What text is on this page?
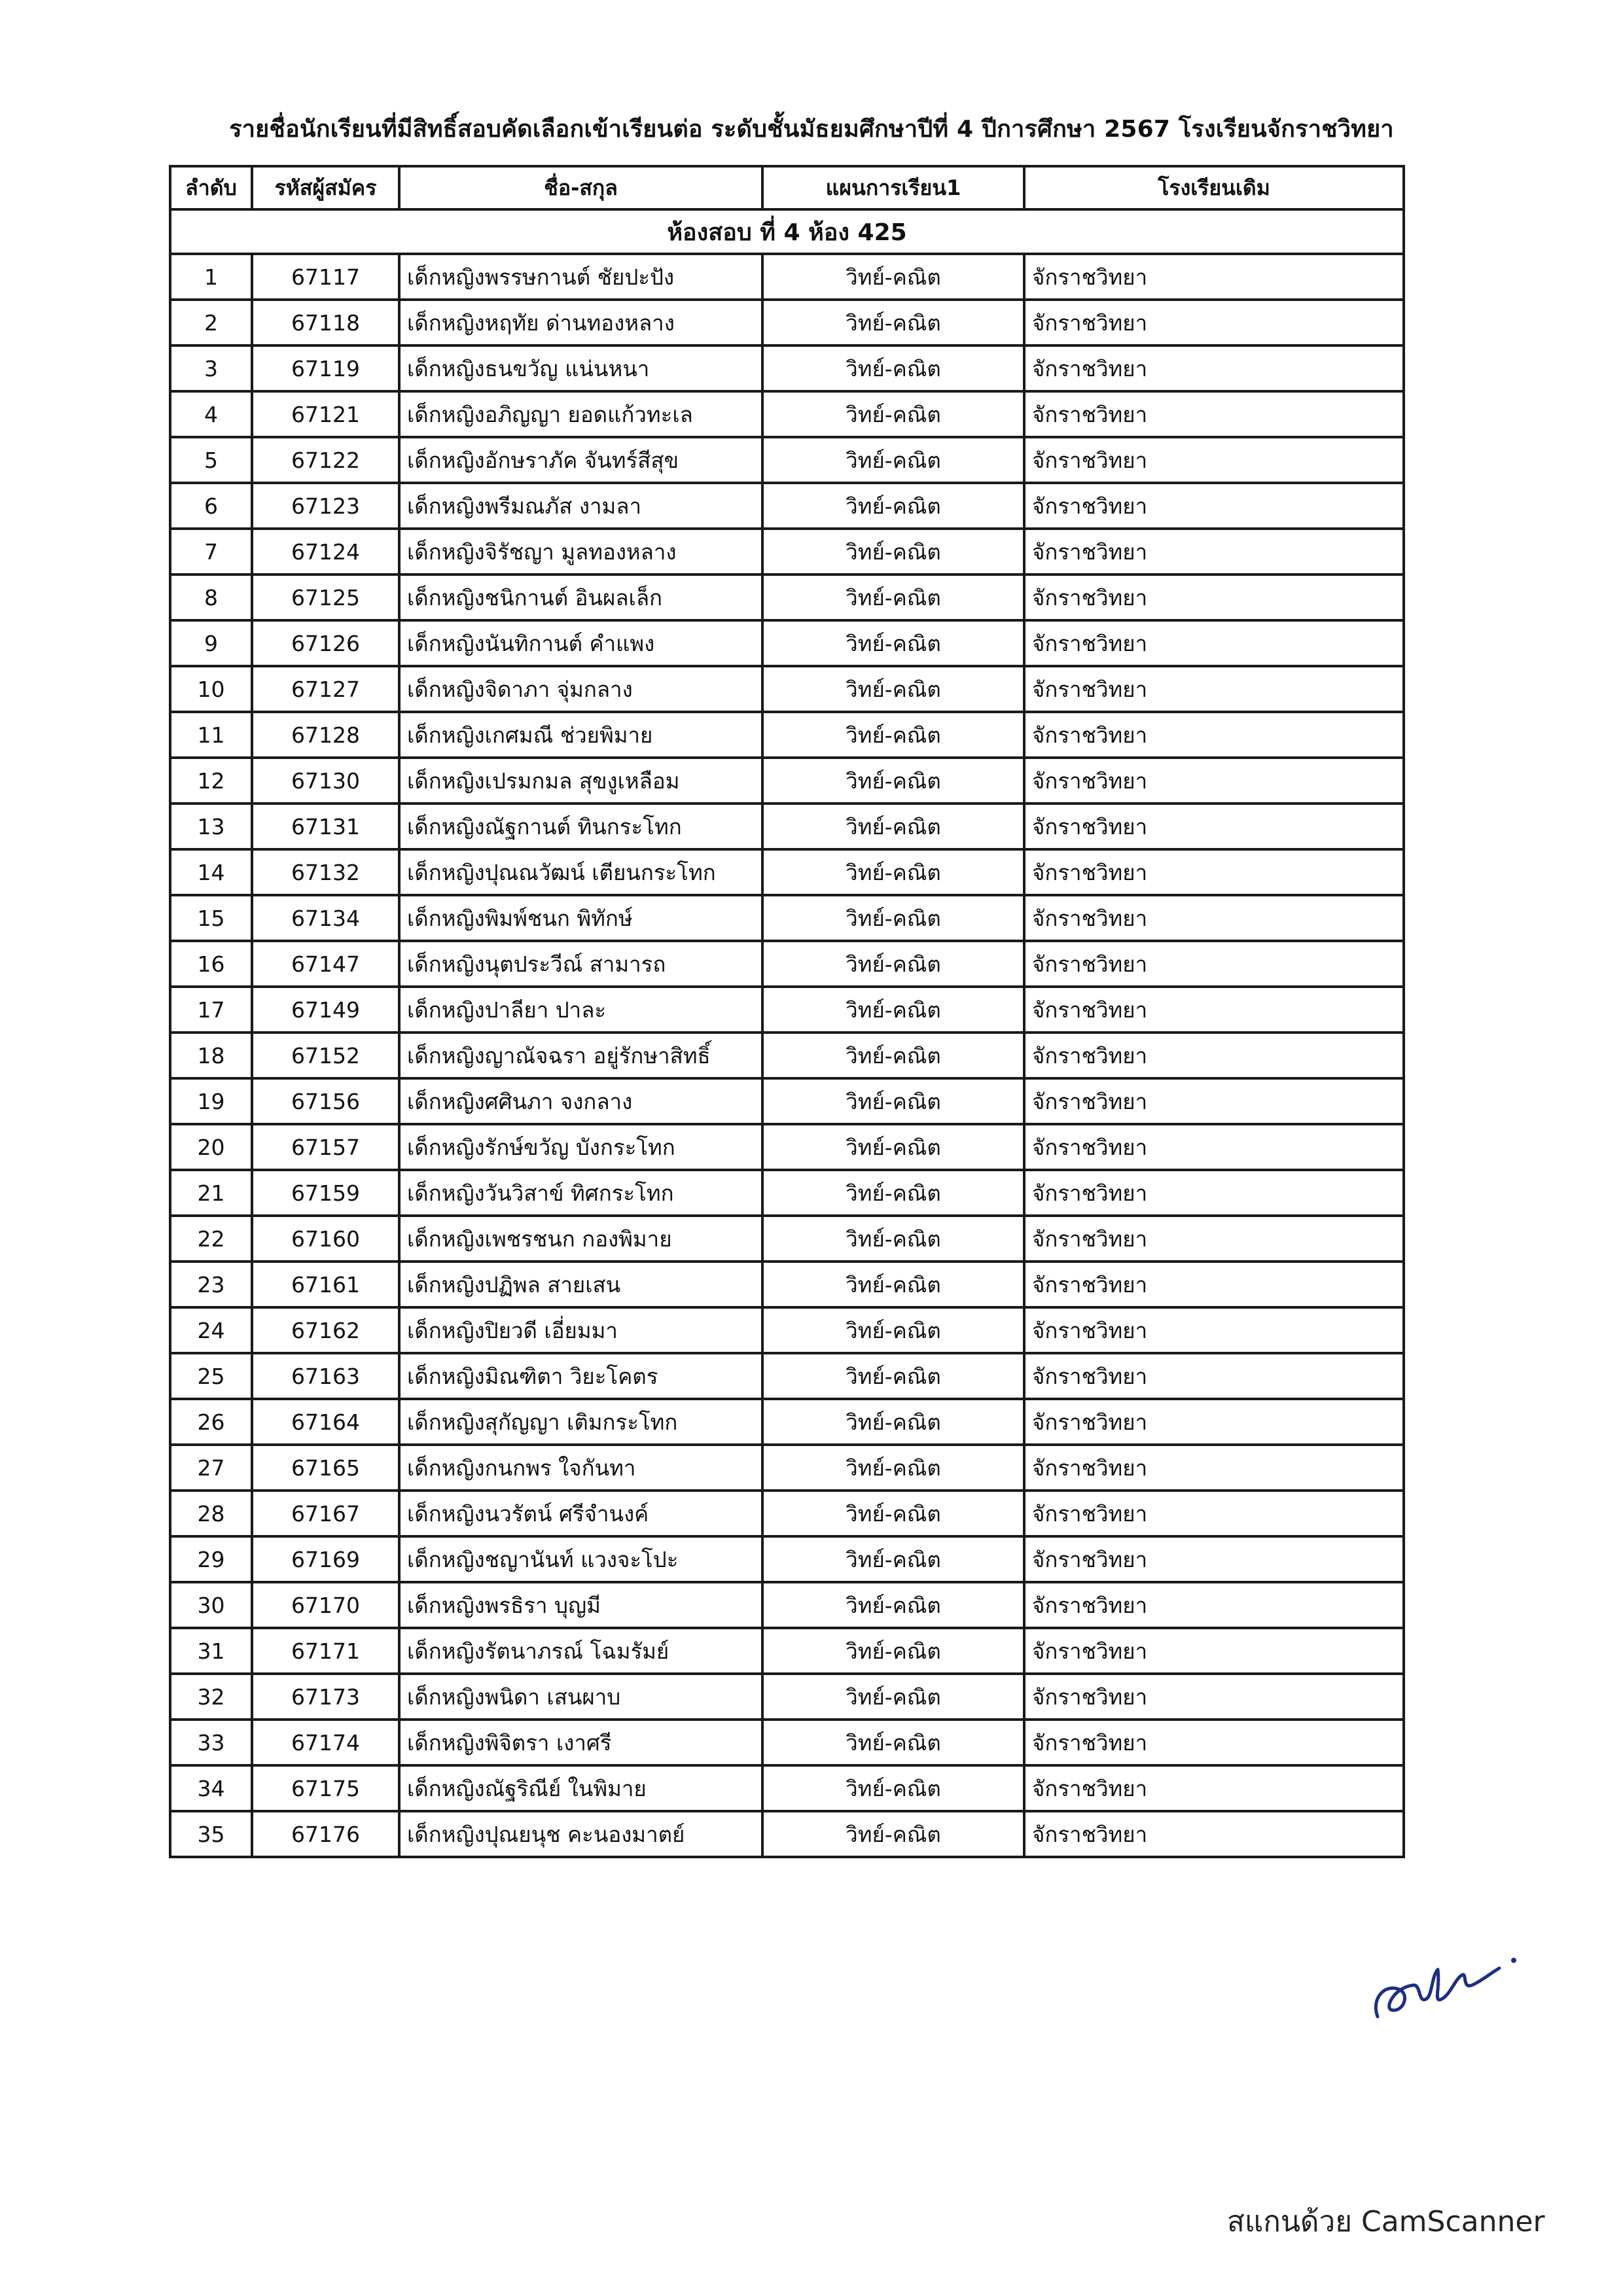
รายชื่อนักเรียนที่มีสิทธิ์สอบคัดเลือกเข้าเรียนต่อ ระดับชั้นมัธยมศึกษาปีที่ 4 ปีการศึกษา 2567 โรงเรียนจักราชวิทยา
ลำดับ	รหัสผู้สมัคร	ชื่อ-สกุล	แผนการเรียน1	โรงเรียนเดิม
ห้องสอบ ที่ 4 ห้อง 425				
1	67117	เด็กหญิงพรรษกานต์ ชัยปะปัง	วิทย์-คณิต	จักราชวิทยา
2	67118	เด็กหญิงหฤทัย ด่านทองหลาง	วิทย์-คณิต	จักราชวิทยา
3	67119	เด็กหญิงธนขวัญ แน่นหนา	วิทย์-คณิต	จักราชวิทยา
4	67121	เด็กหญิงอภิญญา ยอดแก้วทะเล	วิทย์-คณิต	จักราชวิทยา
5	67122	เด็กหญิงอักษราภัค จันทร์สีสุข	วิทย์-คณิต	จักราชวิทยา
6	67123	เด็กหญิงพรีมณภัส งามลา	วิทย์-คณิต	จักราชวิทยา
7	67124	เด็กหญิงจิรัชญา มูลทองหลาง	วิทย์-คณิต	จักราชวิทยา
8	67125	เด็กหญิงชนิกานต์ อินผลเล็ก	วิทย์-คณิต	จักราชวิทยา
9	67126	เด็กหญิงนันทิกานต์ คำแพง	วิทย์-คณิต	จักราชวิทยา
10	67127	เด็กหญิงจิดาภา จุ่มกลาง	วิทย์-คณิต	จักราชวิทยา
11	67128	เด็กหญิงเกศมณี ช่วยพิมาย	วิทย์-คณิต	จักราชวิทยา
12	67130	เด็กหญิงเปรมกมล สุขงูเหลือม	วิทย์-คณิต	จักราชวิทยา
13	67131	เด็กหญิงณัฐกานต์ ทินกระโทก	วิทย์-คณิต	จักราชวิทยา
14	67132	เด็กหญิงปุณณวัฒน์ เตียนกระโทก	วิทย์-คณิต	จักราชวิทยา
15	67134	เด็กหญิงพิมพ์ชนก พิทักษ์	วิทย์-คณิต	จักราชวิทยา
16	67147	เด็กหญิงนุตประวีณ์ สามารถ	วิทย์-คณิต	จักราชวิทยา
17	67149	เด็กหญิงปาลียา ปาละ	วิทย์-คณิต	จักราชวิทยา
18	67152	เด็กหญิงญาณัจฉรา อยู่รักษาสิทธิ์	วิทย์-คณิต	จักราชวิทยา
19	67156	เด็กหญิงศศินภา จงกลาง	วิทย์-คณิต	จักราชวิทยา
20	67157	เด็กหญิงรักษ์ขวัญ บังกระโทก	วิทย์-คณิต	จักราชวิทยา
21	67159	เด็กหญิงวันวิสาข์ ทิศกระโทก	วิทย์-คณิต	จักราชวิทยา
22	67160	เด็กหญิงเพชรชนก กองพิมาย	วิทย์-คณิต	จักราชวิทยา
23	67161	เด็กหญิงปฏิพล สายเสน	วิทย์-คณิต	จักราชวิทยา
24	67162	เด็กหญิงปิยวดี เอี่ยมมา	วิทย์-คณิต	จักราชวิทยา
25	67163	เด็กหญิงมิณฑิตา วิยะโคตร	วิทย์-คณิต	จักราชวิทยา
26	67164	เด็กหญิงสุกัญญา เติมกระโทก	วิทย์-คณิต	จักราชวิทยา
27	67165	เด็กหญิงกนกพร ใจกันทา	วิทย์-คณิต	จักราชวิทยา
28	67167	เด็กหญิงนวรัตน์ ศรีจำนงค์	วิทย์-คณิต	จักราชวิทยา
29	67169	เด็กหญิงชญานันท์ แวงจะโปะ	วิทย์-คณิต	จักราชวิทยา
30	67170	เด็กหญิงพรธิรา บุญมี	วิทย์-คณิต	จักราชวิทยา
31	67171	เด็กหญิงรัตนาภรณ์ โฉมรัมย์	วิทย์-คณิต	จักราชวิทยา
32	67173	เด็กหญิงพนิดา เสนผาบ	วิทย์-คณิต	จักราชวิทยา
33	67174	เด็กหญิงพิจิตรา เงาศรี	วิทย์-คณิต	จักราชวิทยา
34	67175	เด็กหญิงณัฐริณีย์ ในพิมาย	วิทย์-คณิต	จักราชวิทยา
35	67176	เด็กหญิงปุณยนุช คะนองมาตย์	วิทย์-คณิต	จักราชวิทยา
สแกนด้วย CamScanner
